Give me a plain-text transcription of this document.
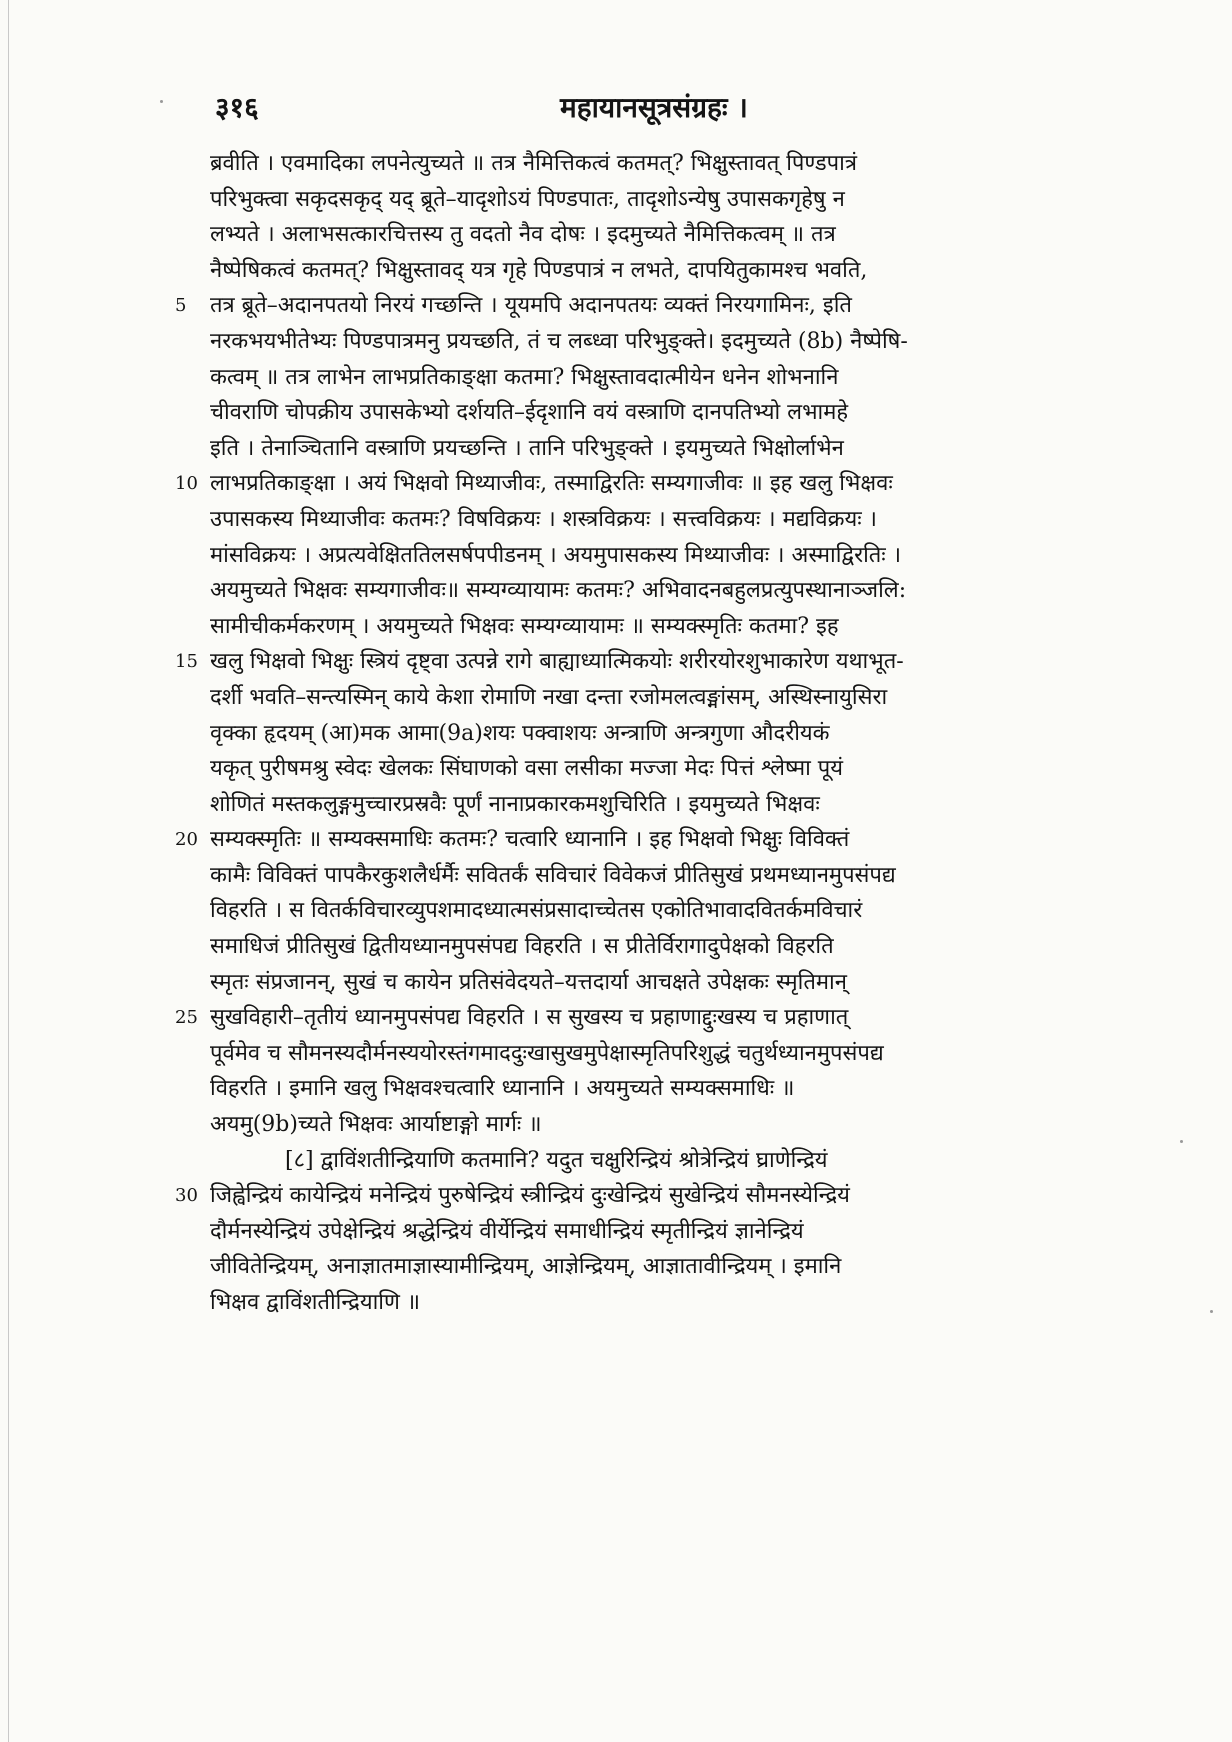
३१६	महायानसूत्रसंग्रहः ।
ब्रवीति । एवमादिका लपनेत्युच्यते ॥ तत्र नैमित्तिकत्वं कतमत्? भिक्षुस्तावत् पिण्डपात्रं
परिभुक्त्वा सकृदसकृद् यद् ब्रूते–यादृशोऽयं पिण्डपातः, तादृशोऽन्येषु उपासकगृहेषु न
लभ्यते । अलाभसत्कारचित्तस्य तु वदतो नैव दोषः । इदमुच्यते नैमित्तिकत्वम् ॥ तत्र
नैष्पेषिकत्वं कतमत्? भिक्षुस्तावद् यत्र गृहे पिण्डपात्रं न लभते, दापयितुकामश्च भवति,
5	तत्र ब्रूते–अदानपतयो निरयं गच्छन्ति । यूयमपि अदानपतयः व्यक्तं निरयगामिनः, इति
नरकभयभीतेभ्यः पिण्डपात्रमनु प्रयच्छति, तं च लब्ध्वा परिभुङ्क्ते। इदमुच्यते (8b) नैष्पेषि-
कत्वम् ॥ तत्र लाभेन लाभप्रतिकाङ्क्षा कतमा? भिक्षुस्तावदात्मीयेन धनेन शोभनानि
चीवराणि चोपक्रीय उपासकेभ्यो दर्शयति–ईदृशानि वयं वस्त्राणि दानपतिभ्यो लभामहे
इति । तेनाञ्चितानि वस्त्राणि प्रयच्छन्ति । तानि परिभुङ्क्ते । इयमुच्यते भिक्षोर्लाभेन
10 लाभप्रतिकाङ्क्षा । अयं भिक्षवो मिथ्याजीवः, तस्माद्विरतिः सम्यगाजीवः ॥ इह खलु भिक्षवः
उपासकस्य मिथ्याजीवः कतमः? विषविक्रयः । शस्त्रविक्रयः । सत्त्वविक्रयः । मद्यविक्रयः ।
मांसविक्रयः । अप्रत्यवेक्षिततिलसर्षपपीडनम् । अयमुपासकस्य मिथ्याजीवः । अस्माद्विरतिः ।
अयमुच्यते भिक्षवः सम्यगाजीवः॥ सम्यग्व्यायामः कतमः? अभिवादनबहुलप्रत्युपस्थानाञ्जलि:
सामीचीकर्मकरणम् । अयमुच्यते भिक्षवः सम्यग्व्यायामः ॥ सम्यक्स्मृतिः कतमा? इह
15 खलु भिक्षवो भिक्षुः स्त्रियं दृष्ट्वा उत्पन्ने रागे बाह्याध्यात्मिकयोः शरीरयोरशुभाकारेण यथाभूत-
दर्शी भवति–सन्त्यस्मिन् काये केशा रोमाणि नखा दन्ता रजोमलत्वङ्मांसम्, अस्थिस्नायुसिरा
वृक्का हृदयम् (आ)मक आमा(9a)शयः पक्वाशयः अन्त्राणि अन्त्रगुणा औदरीयकं
यकृत् पुरीषमश्रु स्वेदः खेलकः सिंघाणको वसा लसीका मज्जा मेदः पित्तं श्लेष्मा पूयं
शोणितं मस्तकलुङ्गमुच्चारप्रस्रवैः पूर्णं नानाप्रकारकमशुचिरिति । इयमुच्यते भिक्षवः
20 सम्यक्स्मृतिः ॥ सम्यक्समाधिः कतमः? चत्वारि ध्यानानि । इह भिक्षवो भिक्षुः विविक्तं
कामैः विविक्तं पापकैरकुशलैर्धर्मैः सवितर्कं सविचारं विवेकजं प्रीतिसुखं प्रथमध्यानमुपसंपद्य
विहरति । स वितर्कविचारव्युपशमादध्यात्मसंप्रसादाच्चेतस एकोतिभावादवितर्कमविचारं
समाधिजं प्रीतिसुखं द्वितीयध्यानमुपसंपद्य विहरति । स प्रीतेर्विरागादुपेक्षको विहरति
स्मृतः संप्रजानन्, सुखं च कायेन प्रतिसंवेदयते–यत्तदार्या आचक्षते उपेक्षकः स्मृतिमान्
25 सुखविहारी–तृतीयं ध्यानमुपसंपद्य विहरति । स सुखस्य च प्रहाणाद्दुःखस्य च प्रहाणात्
पूर्वमेव च सौमनस्यदौर्मनस्ययोरस्तंगमाददुःखासुखमुपेक्षास्मृतिपरिशुद्धं चतुर्थध्यानमुपसंपद्य
विहरति । इमानि खलु भिक्षवश्चत्वारि ध्यानानि । अयमुच्यते सम्यक्समाधिः ॥
अयमु(9b)च्यते भिक्षवः आर्याष्टाङ्गो मार्गः ॥
[८] द्वाविंशतीन्द्रियाणि कतमानि? यदुत चक्षुरिन्द्रियं श्रोत्रेन्द्रियं घ्राणेन्द्रियं
30 जिह्वेन्द्रियं कायेन्द्रियं मनेन्द्रियं पुरुषेन्द्रियं स्त्रीन्द्रियं दुःखेन्द्रियं सुखेन्द्रियं सौमनस्येन्द्रियं
दौर्मनस्येन्द्रियं उपेक्षेन्द्रियं श्रद्धेन्द्रियं वीर्येन्द्रियं समाधीन्द्रियं स्मृतीन्द्रियं ज्ञानेन्द्रियं
जीवितेन्द्रियम्, अनाज्ञातमाज्ञास्यामीन्द्रियम्, आज्ञेन्द्रियम्, आज्ञातावीन्द्रियम् । इमानि
भिक्षव द्वाविंशतीन्द्रियाणि ॥
